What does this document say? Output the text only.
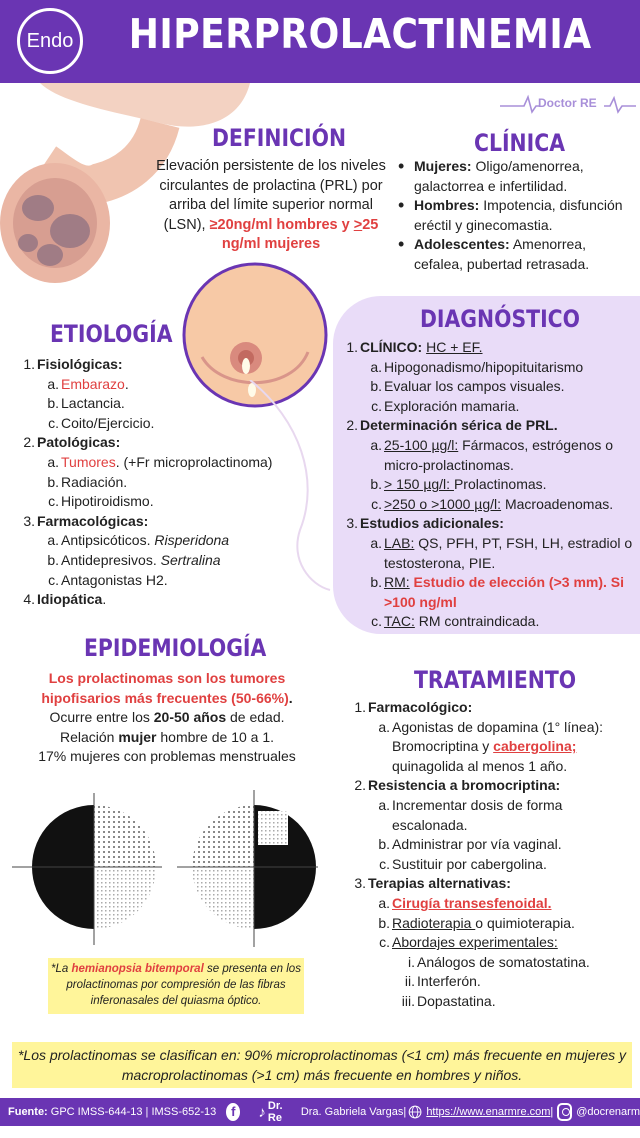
Endo HIPERPROLACTINEMIA
Doctor RE
DEFINICIÓN
Elevación persistente de los niveles circulantes de prolactina (PRL) por arriba del límite superior normal (LSN), ≥20ng/ml hombres y >25 ng/ml mujeres
CLÍNICA
• Mujeres: Oligo/amenorrea, galactorrea e infertilidad.
• Hombres: Impotencia, disfunción eréctil y ginecomastia.
• Adolescentes: Amenorrea, cefalea, pubertad retrasada.
ETIOLOGÍA
1. Fisiológicas:
a. Embarazo.
b. Lactancia.
c. Coito/Ejercicio.
2. Patológicas:
a. Tumores. (+Fr microprolactinoma)
b. Radiación.
c. Hipotiroidismo.
3. Farmacológicas:
a. Antipsicóticos. Risperidona
b. Antidepresivos. Sertralina
c. Antagonistas H2.
4. Idiopática.
DIAGNÓSTICO
1. CLÍNICO: HC + EF.
a. Hipogonadismo/hipopituitarismo
b. Evaluar los campos visuales.
c. Exploración mamaria.
2. Determinación sérica de PRL.
a. 25-100 µg/l: Fármacos, estrógenos o micro-prolactinomas.
b. > 150 µg/l: Prolactinomas.
c. >250 o >1000 µg/l: Macroadenomas.
3. Estudios adicionales:
a. LAB: QS, PFH, PT, FSH, LH, estradiol o testosterona, PIE.
b. RM: Estudio de elección (>3 mm). Si >100 ng/ml
c. TAC: RM contraindicada.
EPIDEMIOLOGÍA
Los prolactinomas son los tumores hipofisarios más frecuentes (50-66%).
Ocurre entre los 20-50 años de edad.
Relación mujer hombre de 10 a 1.
17% mujeres con problemas menstruales
*La hemianopsia bitemporal se presenta en los prolactinomas por compresión de las fibras inferonasales del quiasma óptico.
TRATAMIENTO
1. Farmacológico:
a. Agonistas de dopamina (1° línea): Bromocriptina y cabergolina; quinagolida al menos 1 año.
2. Resistencia a bromocriptina:
a. Incrementar dosis de forma escalonada.
b. Administrar por vía vaginal.
c. Sustituir por cabergolina.
3. Terapias alternativas:
a. Cirugía transesfenoidal.
b. Radioterapia o quimioterapia.
c. Abordajes experimentales:
i. Análogos de somatostatina.
ii. Interferón.
iii. Dopastatina.
*Los prolactinomas se clasifican en: 90% microprolactinomas (<1 cm) más frecuente en mujeres y macroprolactinomas (>1 cm) más frecuente en hombres y niños.
Fuente: GPC IMSS-644-13 | IMSS-652-13	f	♪ Dr. Re	Dra. Gabriela Vargas| https://www.enarmre.com | @docrenarm
